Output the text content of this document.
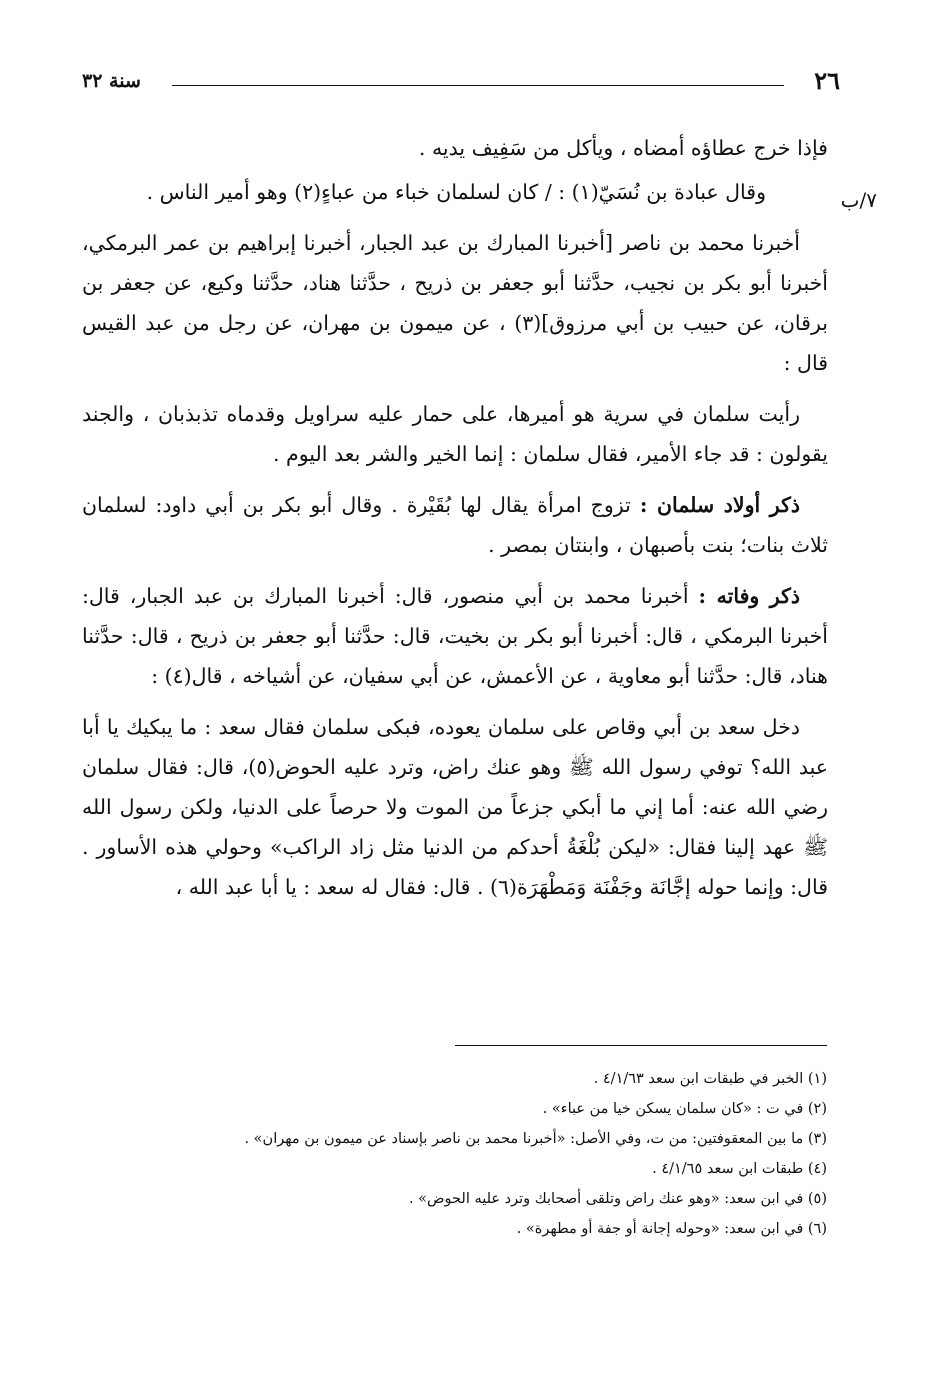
٢٦
سنة ٣٢
٧/ب

فإذا خرج عطاؤه أمضاه ، ويأكل من سَفِيف يديه .

وقال عبادة بن نُسَيّ(١) : / كان لسلمان خباء من عباءٍ(٢) وهو أمير الناس .

أخبرنا محمد بن ناصر [أخبرنا المبارك بن عبد الجبار، أخبرنا إبراهيم بن عمر البرمكي، أخبرنا أبو بكر بن نجيب، حدَّثنا أبو جعفر بن ذريح ، حدَّثنا هناد، حدَّثنا وكيع، عن جعفر بن برقان، عن حبيب بن أبي مرزوق](٣) ، عن ميمون بن مهران، عن رجل من عبد القيس قال :

رأيت سلمان في سرية هو أميرها، على حمار عليه سراويل وقدماه تذبذبان ، والجند يقولون : قد جاء الأمير، فقال سلمان : إنما الخير والشر بعد اليوم .

ذكر أولاد سلمان : تزوج امرأة يقال لها بُقَيْرة . وقال أبو بكر بن أبي داود: لسلمان ثلاث بنات؛ بنت بأصبهان ، وابنتان بمصر .

ذكر وفاته : أخبرنا محمد بن أبي منصور، قال: أخبرنا المبارك بن عبد الجبار، قال: أخبرنا البرمكي ، قال: أخبرنا أبو بكر بن بخيت، قال: حدَّثنا أبو جعفر بن ذريح ، قال: حدَّثنا هناد، قال: حدَّثنا أبو معاوية ، عن الأعمش، عن أبي سفيان، عن أشياخه ، قال(٤) :

دخل سعد بن أبي وقاص على سلمان يعوده، فبكى سلمان فقال سعد : ما يبكيك يا أبا عبد الله؟ توفي رسول الله ﷺ وهو عنك راض، وترد عليه الحوض(٥)، قال: فقال سلمان رضي الله عنه: أما إني ما أبكي جزعاً من الموت ولا حرصاً على الدنيا، ولكن رسول الله ﷺ عهد إلينا فقال: «ليكن بُلْغَةُ أحدكم من الدنيا مثل زاد الراكب» وحولي هذه الأساور . قال: وإنما حوله إجَّانَة وجَفْنَة وَمَطْهَرَة(٦) . قال: فقال له سعد : يا أبا عبد الله ،

(١) الخبر في طبقات ابن سعد ٤/١/٦٣ .
(٢) في ت : «كان سلمان يسكن خيا من عباء» .
(٣) ما بين المعقوفتين: من ت، وفي الأصل: «أخبرنا محمد بن ناصر بإسناد عن ميمون بن مهران» .
(٤) طبقات ابن سعد ٤/١/٦٥ .
(٥) في ابن سعد: «وهو عنك راض وتلقى أصحابك وترد عليه الحوض» .
(٦) في ابن سعد: «وحوله إجانة أو جفة أو مطهرة» .
